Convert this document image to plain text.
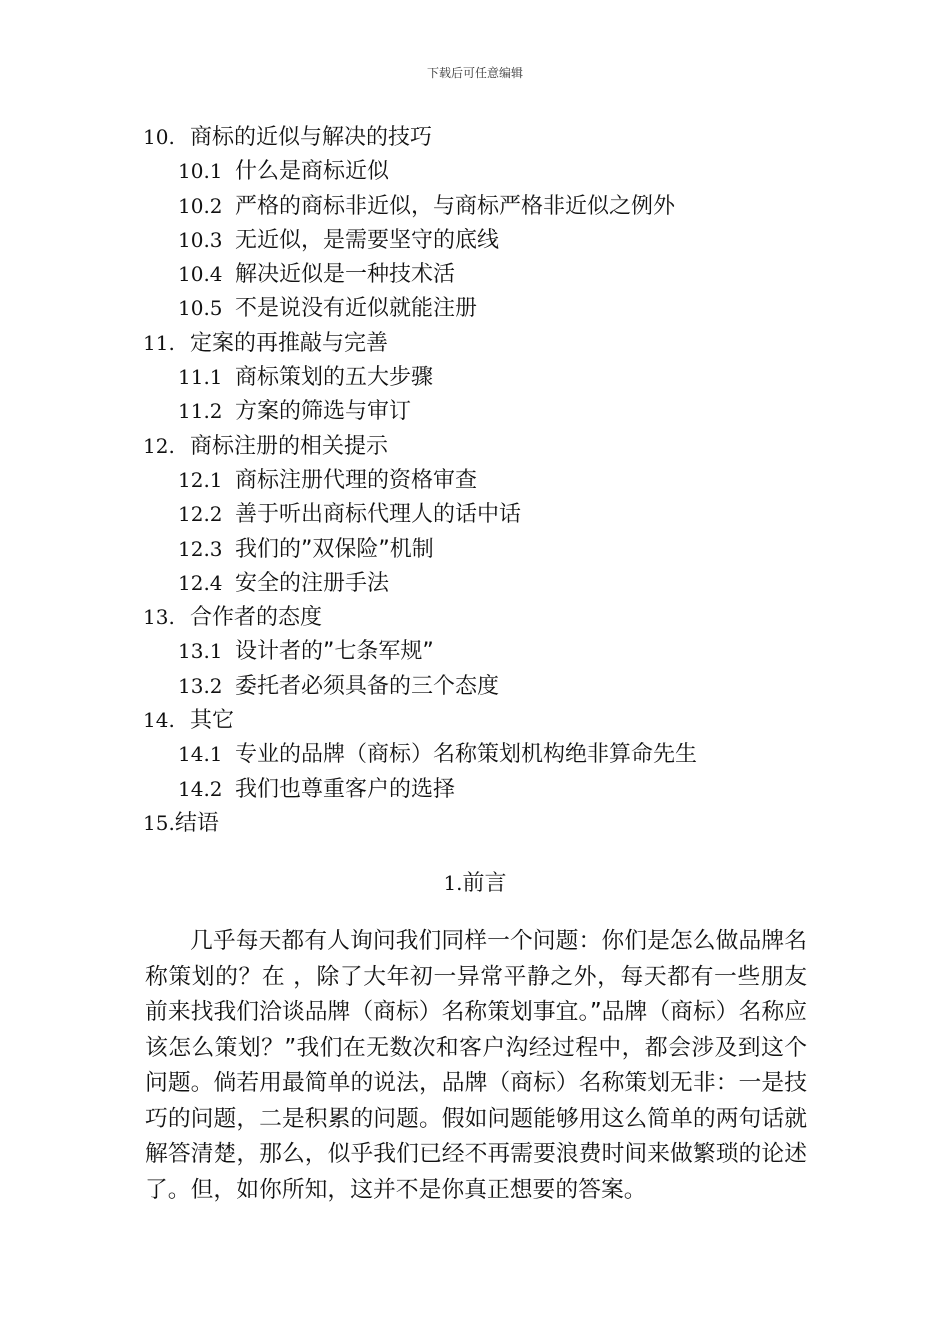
下载后可任意编辑
10. 商标的近似与解决的技巧
10.1 什么是商标近似
10.2 严格的商标非近似，与商标严格非近似之例外
10.3 无近似，是需要坚守的底线
10.4 解决近似是一种技术活
10.5 不是说没有近似就能注册
11. 定案的再推敲与完善
11.1 商标策划的五大步骤
11.2 方案的筛选与审订
12. 商标注册的相关提示
12.1 商标注册代理的资格审查
12.2 善于听出商标代理人的话中话
12.3 我们的”双保险”机制
12.4 安全的注册手法
13. 合作者的态度
13.1 设计者的”七条军规”
13.2 委托者必须具备的三个态度
14. 其它
14.1 专业的品牌（商标）名称策划机构绝非算命先生
14.2 我们也尊重客户的选择
15.结语
1.前言

几乎每天都有人询问我们同样一个问题：你们是怎么做品牌名称策划的？在 ，除了大年初一异常平静之外，每天都有一些朋友前来找我们洽谈品牌（商标）名称策划事宜。”品牌（商标）名称应该怎么策划？”我们在无数次和客户沟经过程中，都会涉及到这个问题。倘若用最简单的说法，品牌（商标）名称策划无非：一是技巧的问题，二是积累的问题。假如问题能够用这么简单的两句话就解答清楚，那么，似乎我们已经不再需要浪费时间来做繁琐的论述了。但，如你所知，这并不是你真正想要的答案。
